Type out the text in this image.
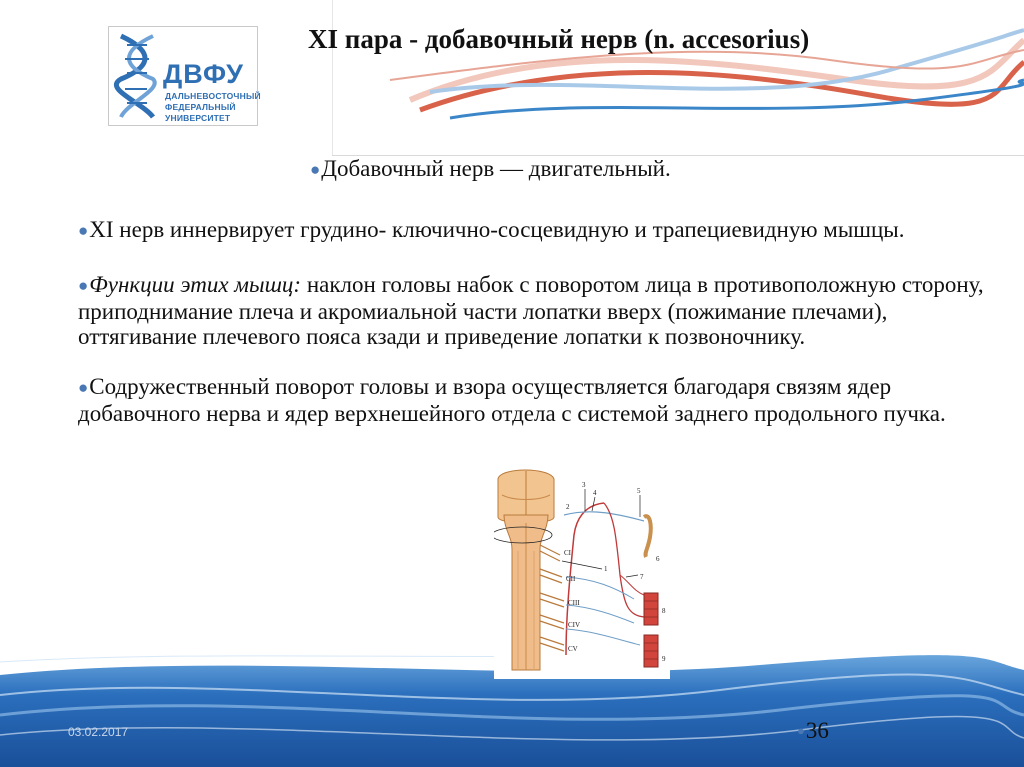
ДВФУ
ДАЛЬНЕВОСТОЧНЫЙ
ФЕДЕРАЛЬНЫЙ
УНИВЕРСИТЕТ
XI пара - добавочный нерв (n. accesorius)
●Добавочный нерв — двигательный.
●XI нерв иннервирует грудино- ключично-сосцевидную и трапециевидную мышцы.
●Функции этих мышц: наклон головы набок с поворотом лица в противоположную сторону, приподнимание плеча и акромиальной части лопатки вверх (пожимание плечами), оттягивание плечевого пояса кзади и приведение лопатки к позвоночнику.
●Содружественный поворот головы и взора осуществляется благодаря связям ядер добавочного нерва и ядер верхнешейного отдела с системой заднего продольного пучка.
2
3
4	5
6
1
7
8
9
CI
CII
CIII
CIV
CV
03.02.2017	●36
